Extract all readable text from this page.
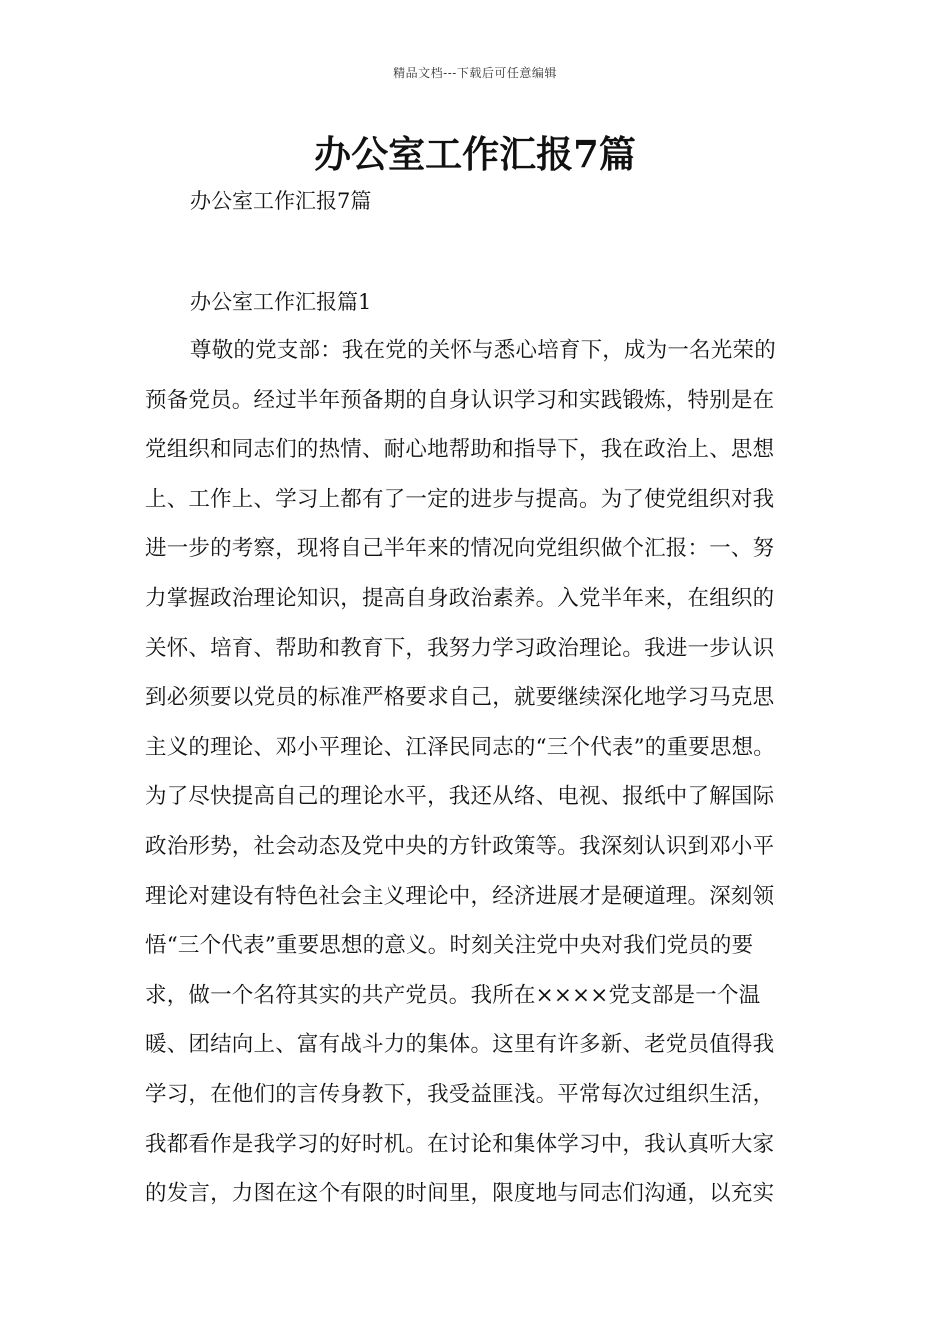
精品文档---下载后可任意编辑
办公室工作汇报7篇

办公室工作汇报7篇

办公室工作汇报篇1

尊敬的党支部：我在党的关怀与悉心培育下，成为一名光荣的
预备党员。经过半年预备期的自身认识学习和实践锻炼，特别是在
党组织和同志们的热情、耐心地帮助和指导下，我在政治上、思想
上、工作上、学习上都有了一定的进步与提高。为了使党组织对我
进一步的考察，现将自己半年来的情况向党组织做个汇报：一、努
力掌握政治理论知识，提高自身政治素养。入党半年来，在组织的
关怀、培育、帮助和教育下，我努力学习政治理论。我进一步认识
到必须要以党员的标准严格要求自己，就要继续深化地学习马克思
主义的理论、邓小平理论、江泽民同志的“三个代表”的重要思想。
为了尽快提高自己的理论水平，我还从络、电视、报纸中了解国际
政治形势，社会动态及党中央的方针政策等。我深刻认识到邓小平
理论对建设有特色社会主义理论中，经济进展才是硬道理。深刻领
悟“三个代表”重要思想的意义。时刻关注党中央对我们党员的要
求，做一个名符其实的共产党员。我所在××××党支部是一个温
暖、团结向上、富有战斗力的集体。这里有许多新、老党员值得我
学习，在他们的言传身教下，我受益匪浅。平常每次过组织生活，
我都看作是我学习的好时机。在讨论和集体学习中，我认真听大家
的发言，力图在这个有限的时间里，限度地与同志们沟通，以充实
